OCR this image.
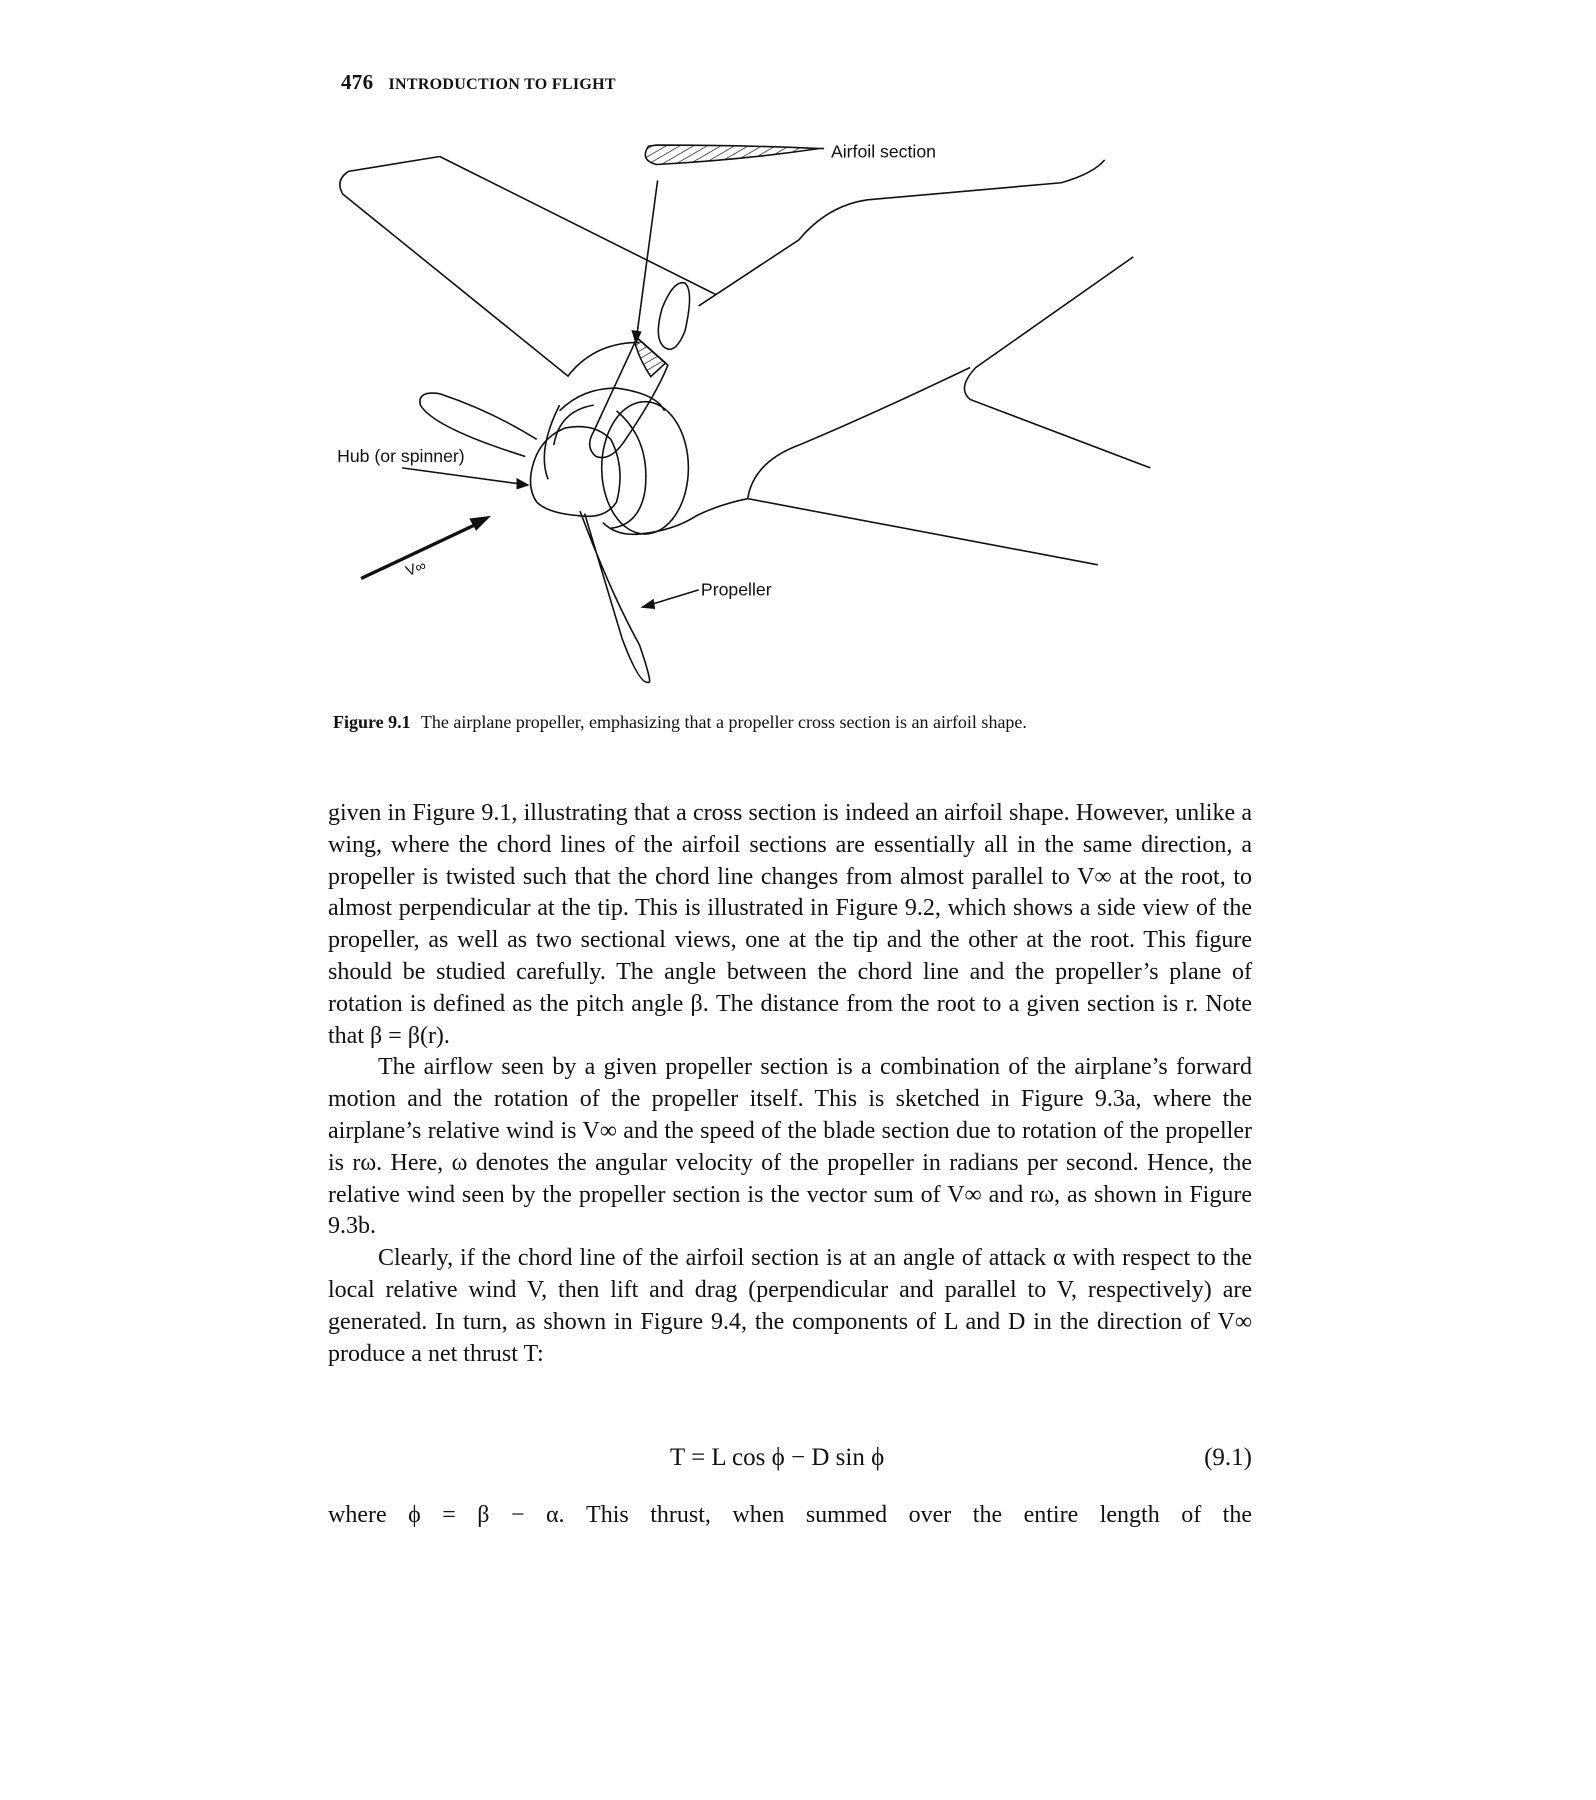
476 INTRODUCTION TO FLIGHT
Airfoil section
Hub (or spinner)
Propeller
V∞
Figure 9.1 The airplane propeller, emphasizing that a propeller cross section is an airfoil shape.

given in Figure 9.1, illustrating that a cross section is indeed an airfoil shape. However, unlike a wing, where the chord lines of the airfoil sections are essentially all in the same direction, a propeller is twisted such that the chord line changes from almost parallel to V∞ at the root, to almost perpendicular at the tip. This is illustrated in Figure 9.2, which shows a side view of the propeller, as well as two sectional views, one at the tip and the other at the root. This figure should be studied carefully. The angle between the chord line and the propeller’s plane of rotation is defined as the pitch angle β. The distance from the root to a given section is r. Note that β = β(r).

The airflow seen by a given propeller section is a combination of the airplane’s forward motion and the rotation of the propeller itself. This is sketched in Figure 9.3a, where the airplane’s relative wind is V∞ and the speed of the blade section due to rotation of the propeller is rω. Here, ω denotes the angular velocity of the propeller in radians per second. Hence, the relative wind seen by the propeller section is the vector sum of V∞ and rω, as shown in Figure 9.3b.

Clearly, if the chord line of the airfoil section is at an angle of attack α with respect to the local relative wind V, then lift and drag (perpendicular and parallel to V, respectively) are generated. In turn, as shown in Figure 9.4, the components of L and D in the direction of V∞ produce a net thrust T:

T = L cos ϕ − D sin ϕ	(9.1)
where ϕ = β − α. This thrust, when summed over the entire length of the
